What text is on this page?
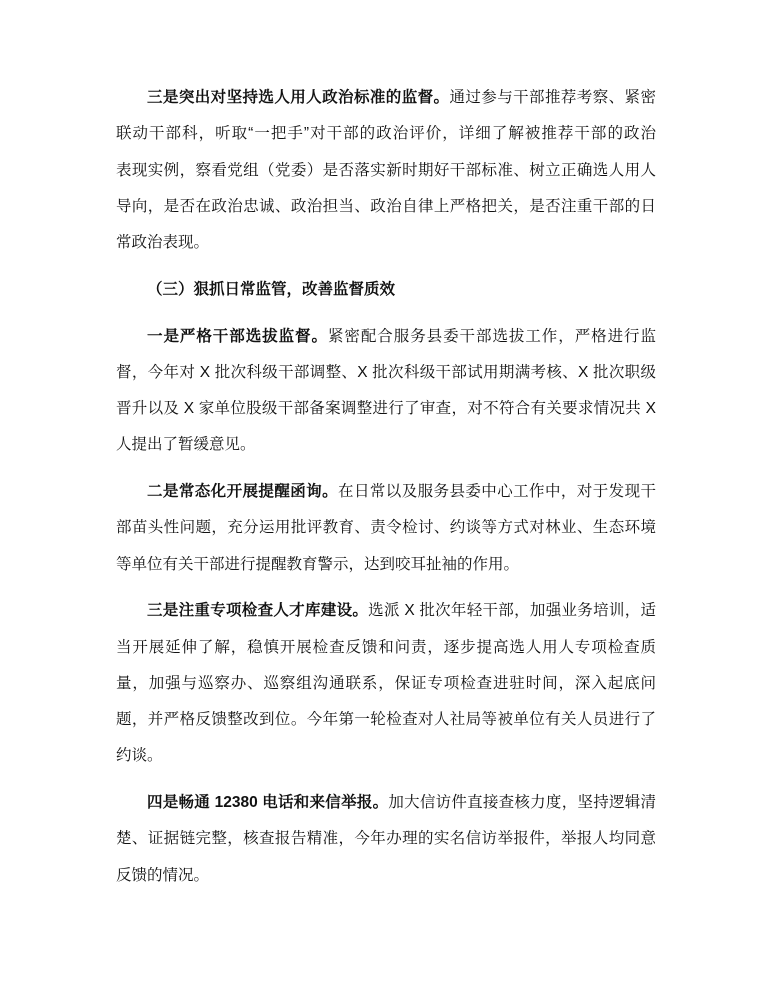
三是突出对坚持选人用人政治标准的监督。通过参与干部推荐考察、紧密
联动干部科，听取“一把手”对干部的政治评价，详细了解被推荐干部的政治
表现实例，察看党组（党委）是否落实新时期好干部标准、树立正确选人用人
导向，是否在政治忠诚、政治担当、政治自律上严格把关，是否注重干部的日
常政治表现。
（三）狠抓日常监管，改善监督质效
一是严格干部选拔监督。紧密配合服务县委干部选拔工作，严格进行监
督，今年对 X 批次科级干部调整、X 批次科级干部试用期满考核、X 批次职级
晋升以及 X 家单位股级干部备案调整进行了审查，对不符合有关要求情况共 X
人提出了暂缓意见。
二是常态化开展提醒函询。在日常以及服务县委中心工作中，对于发现干
部苗头性问题，充分运用批评教育、责令检讨、约谈等方式对林业、生态环境
等单位有关干部进行提醒教育警示，达到咬耳扯袖的作用。
三是注重专项检查人才库建设。选派 X 批次年轻干部，加强业务培训，适
当开展延伸了解，稳慎开展检查反馈和问责，逐步提高选人用人专项检查质
量，加强与巡察办、巡察组沟通联系，保证专项检查进驻时间，深入起底问
题，并严格反馈整改到位。今年第一轮检查对人社局等被单位有关人员进行了
约谈。
四是畅通 12380 电话和来信举报。加大信访件直接查核力度，坚持逻辑清
楚、证据链完整，核查报告精准，今年办理的实名信访举报件，举报人均同意
反馈的情况。
